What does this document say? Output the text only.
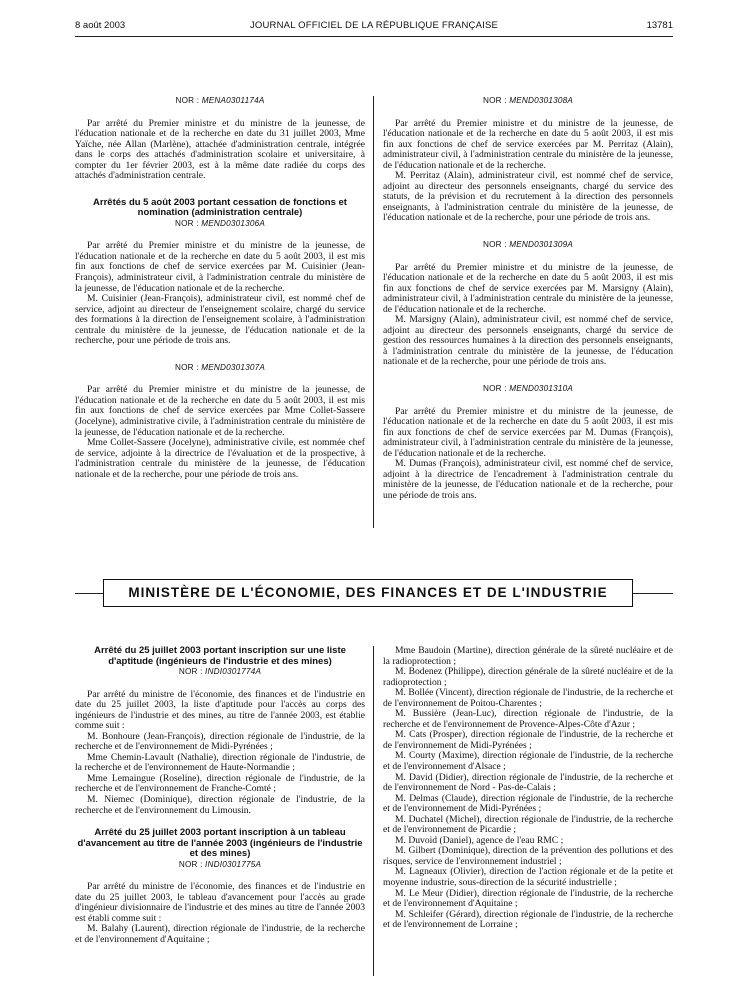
8 août 2003	JOURNAL OFFICIEL DE LA RÉPUBLIQUE FRANÇAISE	13781

NOR : MENA0301174A

Par arrêté du Premier ministre et du ministre de la jeunesse, de l'éducation nationale et de la recherche en date du 31 juillet 2003, Mme Yaïche, née Allan (Marlène), attachée d'administration centrale, intégrée dans le corps des attachés d'administration scolaire et universitaire, à compter du 1er février 2003, est à la même date radiée du corps des attachés d'administration centrale.

Arrêtés du 5 août 2003 portant cessation de fonctions et nomination (administration centrale)

NOR : MEND0301306A

Par arrêté du Premier ministre et du ministre de la jeunesse, de l'éducation nationale et de la recherche en date du 5 août 2003, il est mis fin aux fonctions de chef de service exercées par M. Cuisinier (Jean-François), administrateur civil, à l'administration centrale du ministère de la jeunesse, de l'éducation nationale et de la recherche.

M. Cuisinier (Jean-François), administrateur civil, est nommé chef de service, adjoint au directeur de l'enseignement scolaire, chargé du service des formations à la direction de l'enseignement scolaire, à l'administration centrale du ministère de la jeunesse, de l'éducation nationale et de la recherche, pour une période de trois ans.

NOR : MEND0301307A

Par arrêté du Premier ministre et du ministre de la jeunesse, de l'éducation nationale et de la recherche en date du 5 août 2003, il est mis fin aux fonctions de chef de service exercées par Mme Collet-Sassere (Jocelyne), administrative civile, à l'administration centrale du ministère de la jeunesse, de l'éducation nationale et de la recherche.

Mme Collet-Sassere (Jocelyne), administrative civile, est nommée chef de service, adjointe à la directrice de l'évaluation et de la prospective, à l'administration centrale du ministère de la jeunesse, de l'éducation nationale et de la recherche, pour une période de trois ans.

NOR : MEND0301308A

Par arrêté du Premier ministre et du ministre de la jeunesse, de l'éducation nationale et de la recherche en date du 5 août 2003, il est mis fin aux fonctions de chef de service exercées par M. Perritaz (Alain), administrateur civil, à l'administration centrale du ministère de la jeunesse, de l'éducation nationale et de la recherche.

M. Perritaz (Alain), administrateur civil, est nommé chef de service, adjoint au directeur des personnels enseignants, chargé du service des statuts, de la prévision et du recrutement à la direction des personnels enseignants, à l'administration centrale du ministère de la jeunesse, de l'éducation nationale et de la recherche, pour une période de trois ans.

NOR : MEND0301309A

Par arrêté du Premier ministre et du ministre de la jeunesse, de l'éducation nationale et de la recherche en date du 5 août 2003, il est mis fin aux fonctions de chef de service exercées par M. Marsigny (Alain), administrateur civil, à l'administration centrale du ministère de la jeunesse, de l'éducation nationale et de la recherche.

M. Marsigny (Alain), administrateur civil, est nommé chef de service, adjoint au directeur des personnels enseignants, chargé du service de gestion des ressources humaines à la direction des personnels enseignants, à l'administration centrale du ministère de la jeunesse, de l'éducation nationale et de la recherche, pour une période de trois ans.

NOR : MEND0301310A

Par arrêté du Premier ministre et du ministre de la jeunesse, de l'éducation nationale et de la recherche en date du 5 août 2003, il est mis fin aux fonctions de chef de service exercées par M. Dumas (François), administrateur civil, à l'administration centrale du ministère de la jeunesse, de l'éducation nationale et de la recherche.

M. Dumas (François), administrateur civil, est nommé chef de service, adjoint à la directrice de l'encadrement à l'administration centrale du ministère de la jeunesse, de l'éducation nationale et de la recherche, pour une période de trois ans.

MINISTÈRE DE L'ÉCONOMIE, DES FINANCES ET DE L'INDUSTRIE

Arrêté du 25 juillet 2003 portant inscription sur une liste d'aptitude (ingénieurs de l'industrie et des mines)

NOR : INDI0301774A

Par arrêté du ministre de l'économie, des finances et de l'industrie en date du 25 juillet 2003, la liste d'aptitude pour l'accès au corps des ingénieurs de l'industrie et des mines, au titre de l'année 2003, est établie comme suit :

M. Bonhoure (Jean-François), direction régionale de l'industrie, de la recherche et de l'environnement de Midi-Pyrénées ;

Mme Chemin-Lavault (Nathalie), direction régionale de l'industrie, de la recherche et de l'environnement de Haute-Normandie ;

Mme Lemaingue (Roseline), direction régionale de l'industrie, de la recherche et de l'environnement de Franche-Comté ;

M. Niemec (Dominique), direction régionale de l'industrie, de la recherche et de l'environnement du Limousin.

Arrêté du 25 juillet 2003 portant inscription à un tableau d'avancement au titre de l'année 2003 (ingénieurs de l'industrie et des mines)

NOR : INDI0301775A

Par arrêté du ministre de l'économie, des finances et de l'industrie en date du 25 juillet 2003, le tableau d'avancement pour l'accès au grade d'ingénieur divisionnaire de l'industrie et des mines au titre de l'année 2003 est établi comme suit :

M. Balahy (Laurent), direction régionale de l'industrie, de la recherche et de l'environnement d'Aquitaine ;

Mme Baudoin (Martine), direction générale de la sûreté nucléaire et de la radioprotection ;

M. Bodenez (Philippe), direction générale de la sûreté nucléaire et de la radioprotection ;

M. Bollée (Vincent), direction régionale de l'industrie, de la recherche et de l'environnement de Poitou-Charentes ;

M. Bussière (Jean-Luc), direction régionale de l'industrie, de la recherche et de l'environnement de Provence-Alpes-Côte d'Azur ;

M. Cats (Prosper), direction régionale de l'industrie, de la recherche et de l'environnement de Midi-Pyrénées ;

M. Courty (Maxime), direction régionale de l'industrie, de la recherche et de l'environnement d'Alsace ;

M. David (Didier), direction régionale de l'industrie, de la recherche et de l'environnement de Nord - Pas-de-Calais ;

M. Delmas (Claude), direction régionale de l'industrie, de la recherche et de l'environnement de Midi-Pyrénées ;

M. Duchatel (Michel), direction régionale de l'industrie, de la recherche et de l'environnement de Picardie ;

M. Duvoid (Daniel), agence de l'eau RMC ;

M. Gilbert (Dominique), direction de la prévention des pollutions et des risques, service de l'environnement industriel ;

M. Lagneaux (Olivier), direction de l'action régionale et de la petite et moyenne industrie, sous-direction de la sécurité industrielle ;

M. Le Meur (Didier), direction régionale de l'industrie, de la recherche et de l'environnement d'Aquitaine ;

M. Schleifer (Gérard), direction régionale de l'industrie, de la recherche et de l'environnement de Lorraine ;
